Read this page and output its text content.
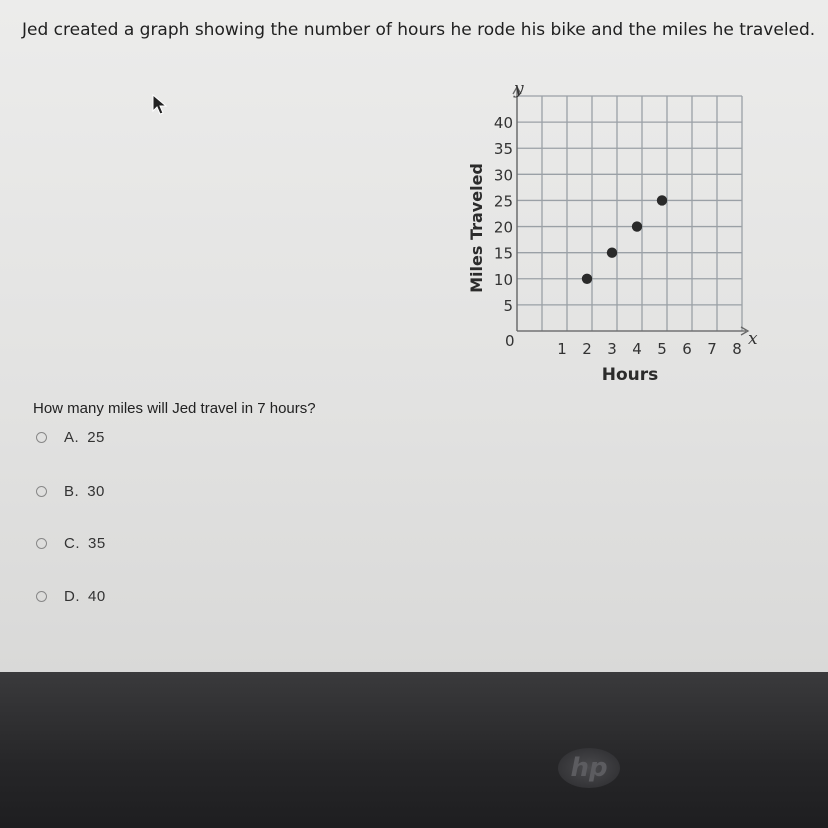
Jed created a graph showing the number of hours he rode his bike and the miles he traveled.
5
10
15
20
25
30
35
40
1 2 3 4 5 6 7 8
0	x
y
Hours
Miles Traveled
How many miles will Jed travel in 7 hours?
A. 25
B. 30
C. 35
D. 40
hp
